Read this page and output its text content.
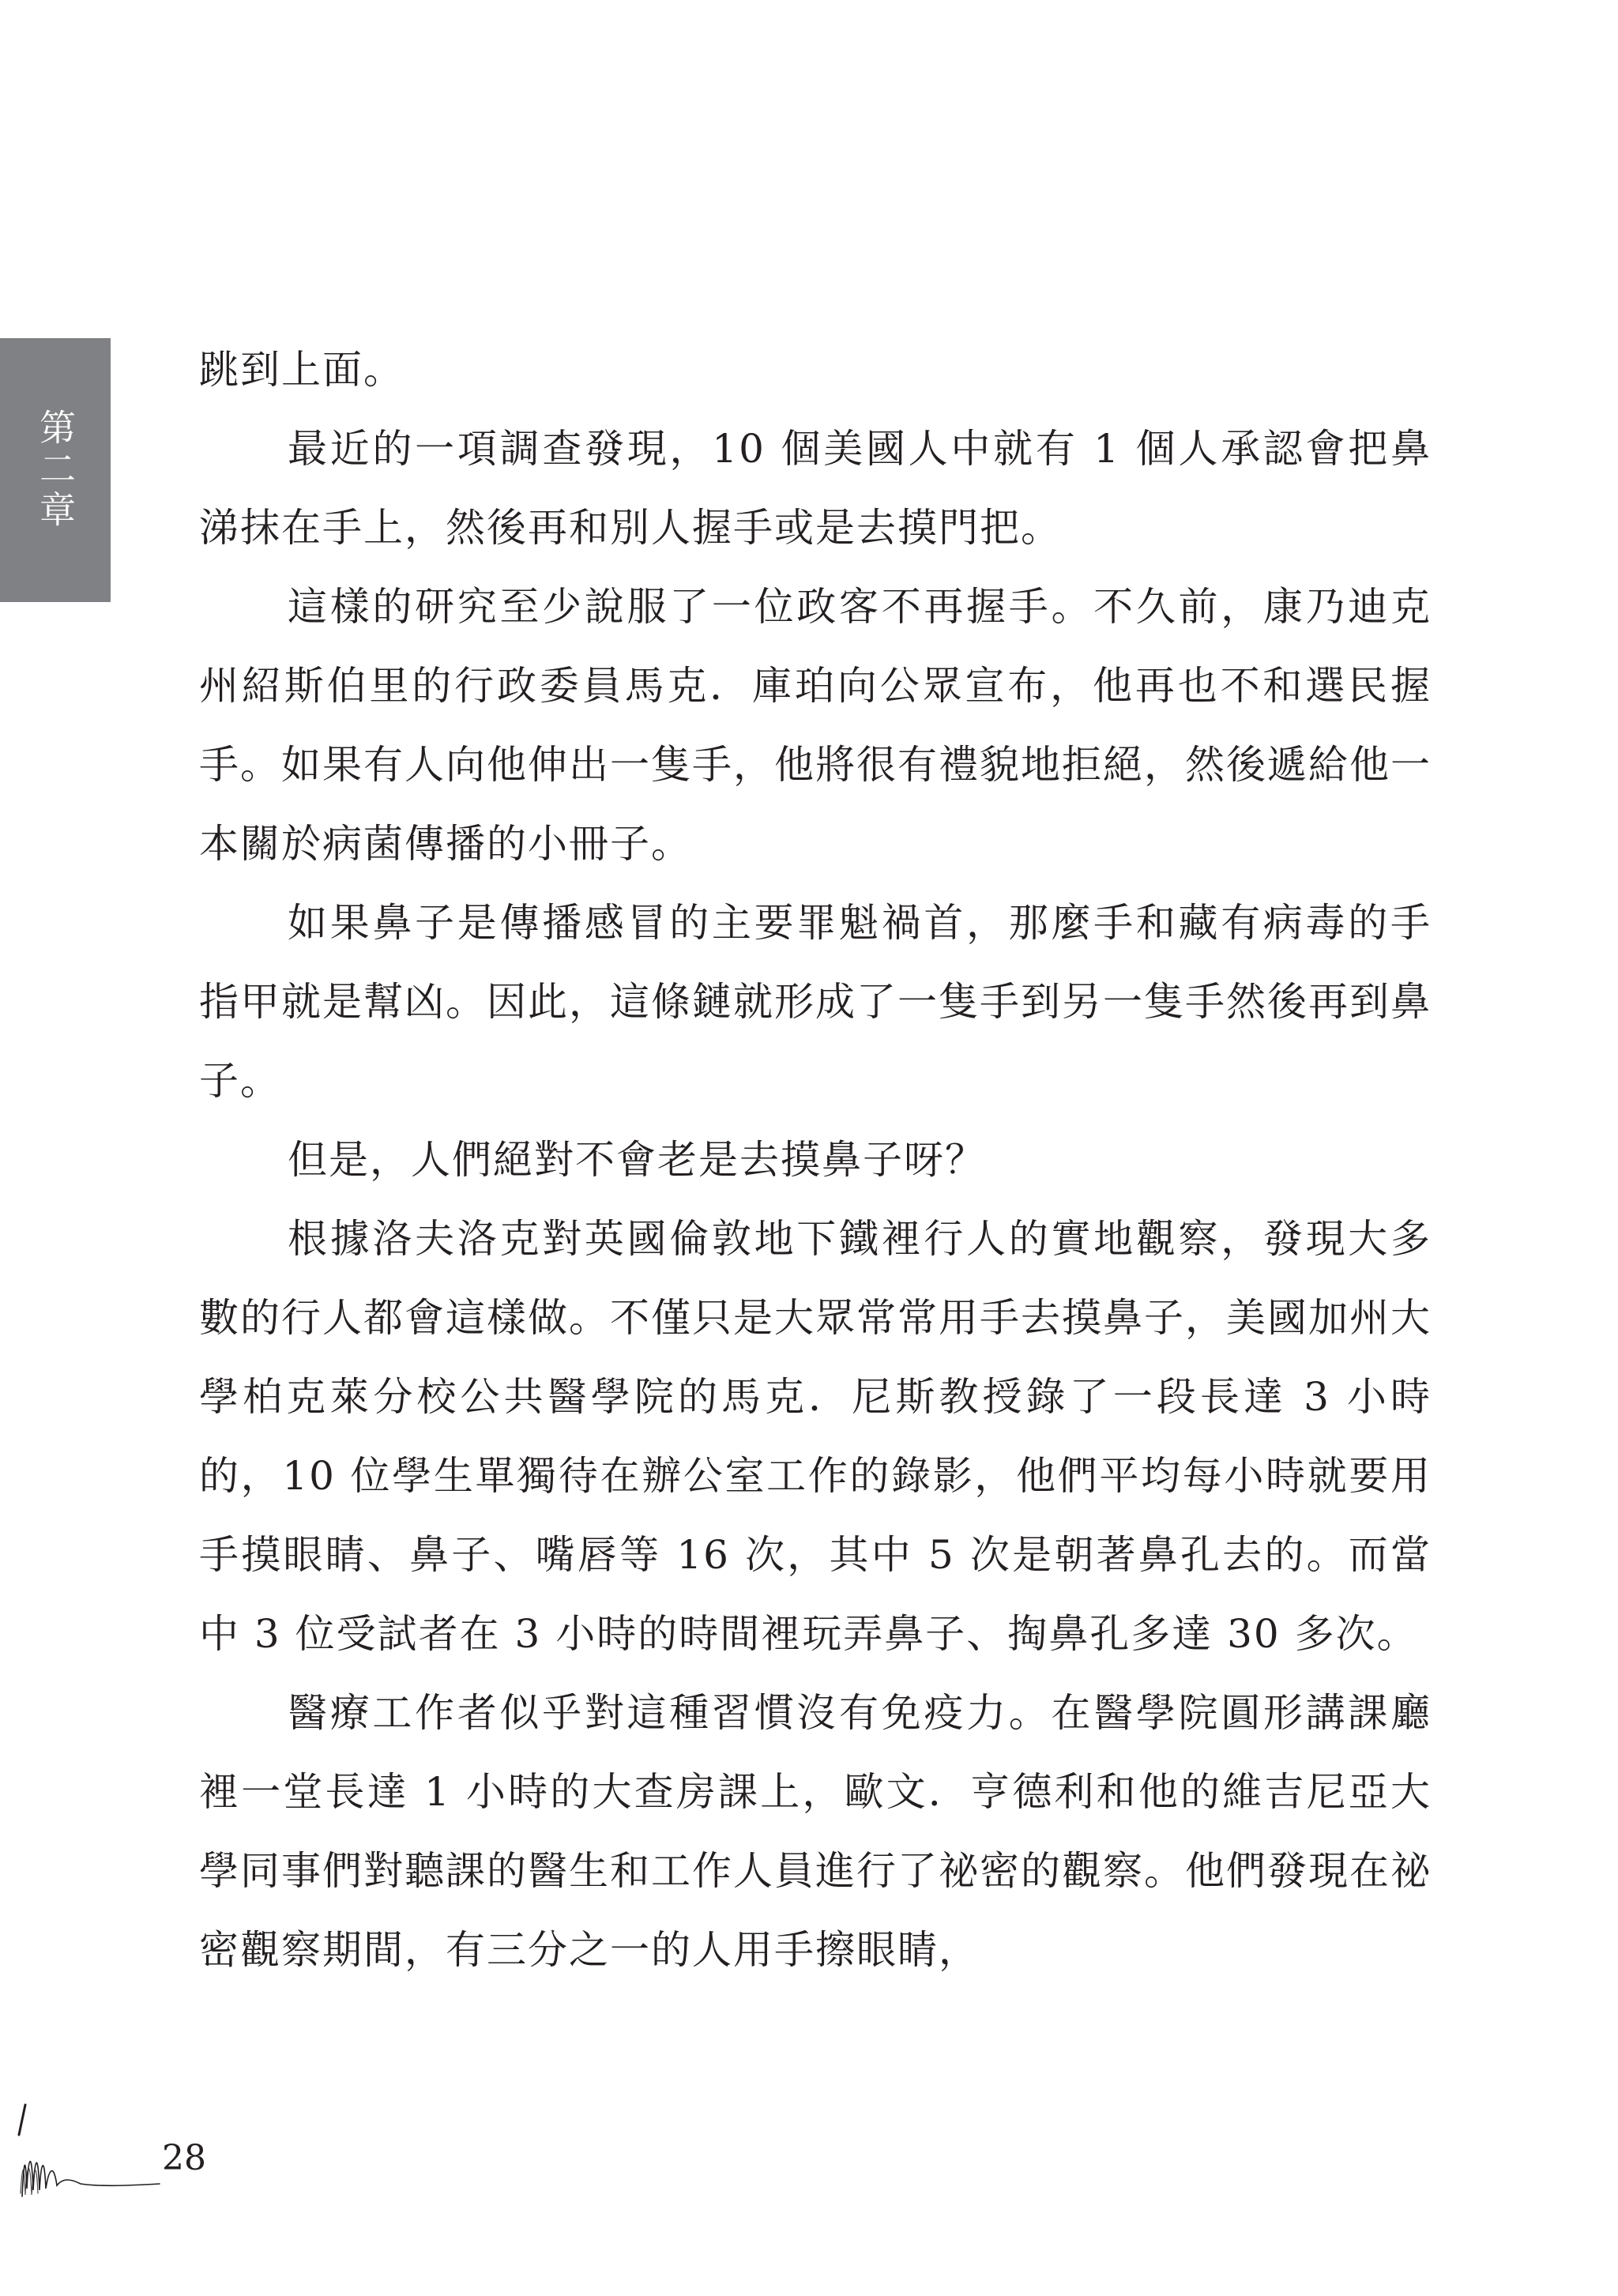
第二章

跳到上面。

最近的一項調查發現，10 個美國人中就有 1 個人承認會把鼻涕抹在手上，然後再和別人握手或是去摸門把。

這樣的研究至少說服了一位政客不再握手。不久前，康乃迪克州紹斯伯里的行政委員馬克．庫珀向公眾宣布，他再也不和選民握手。如果有人向他伸出一隻手，他將很有禮貌地拒絕，然後遞給他一本關於病菌傳播的小冊子。

如果鼻子是傳播感冒的主要罪魁禍首，那麼手和藏有病毒的手指甲就是幫凶。因此，這條鏈就形成了一隻手到另一隻手然後再到鼻子。

但是，人們絕對不會老是去摸鼻子呀？

根據洛夫洛克對英國倫敦地下鐵裡行人的實地觀察，發現大多數的行人都會這樣做。不僅只是大眾常常用手去摸鼻子，美國加州大學柏克萊分校公共醫學院的馬克．尼斯教授錄了一段長達 3 小時的，10 位學生單獨待在辦公室工作的錄影，他們平均每小時就要用手摸眼睛、鼻子、嘴唇等 16 次，其中 5 次是朝著鼻孔去的。而當中 3 位受試者在 3 小時的時間裡玩弄鼻子、掏鼻孔多達 30 多次。

醫療工作者似乎對這種習慣沒有免疫力。在醫學院圓形講課廳裡一堂長達 1 小時的大查房課上，歐文．亨德利和他的維吉尼亞大學同事們對聽課的醫生和工作人員進行了祕密的觀察。他們發現在祕密觀察期間，有三分之一的人用手擦眼睛，

28
